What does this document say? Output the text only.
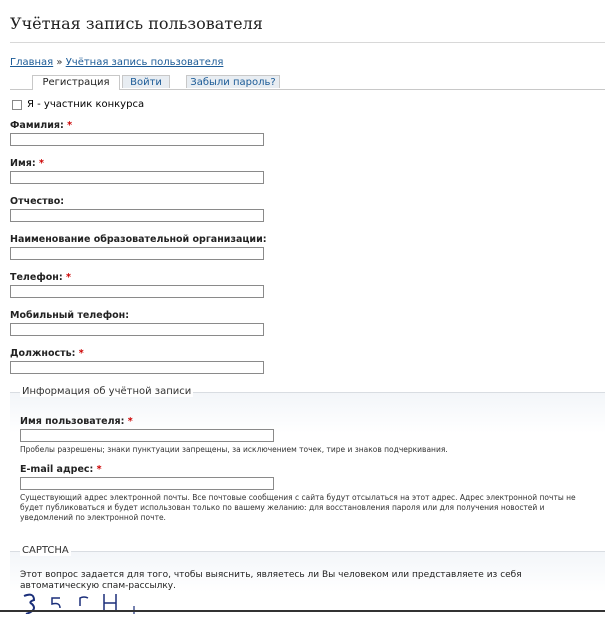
Учётная запись пользователя
Главная » Учётная запись пользователя
Регистрация	Войти	Забыли пароль?
Я - участник конкурса
Фамилия: *
Имя: *
Отчество:
Наименование образовательной организации:
Телефон: *
Мобильный телефон:
Должность: *
Информация об учётной записи
Имя пользователя: *
Пробелы разрешены; знаки пунктуации запрещены, за исключением точек, тире и знаков подчеркивания.
E-mail адрес: *
Существующий адрес электронной почты. Все почтовые сообщения с сайта будут отсылаться на этот адрес. Адрес электронной почты не будет публиковаться и будет использован только по вашему желанию: для восстановления пароля или для получения новостей и уведомлений по электронной почте.
CAPTCHA
Этот вопрос задается для того, чтобы выяснить, являетесь ли Вы человеком или представляете из себя автоматическую спам-рассылку.
